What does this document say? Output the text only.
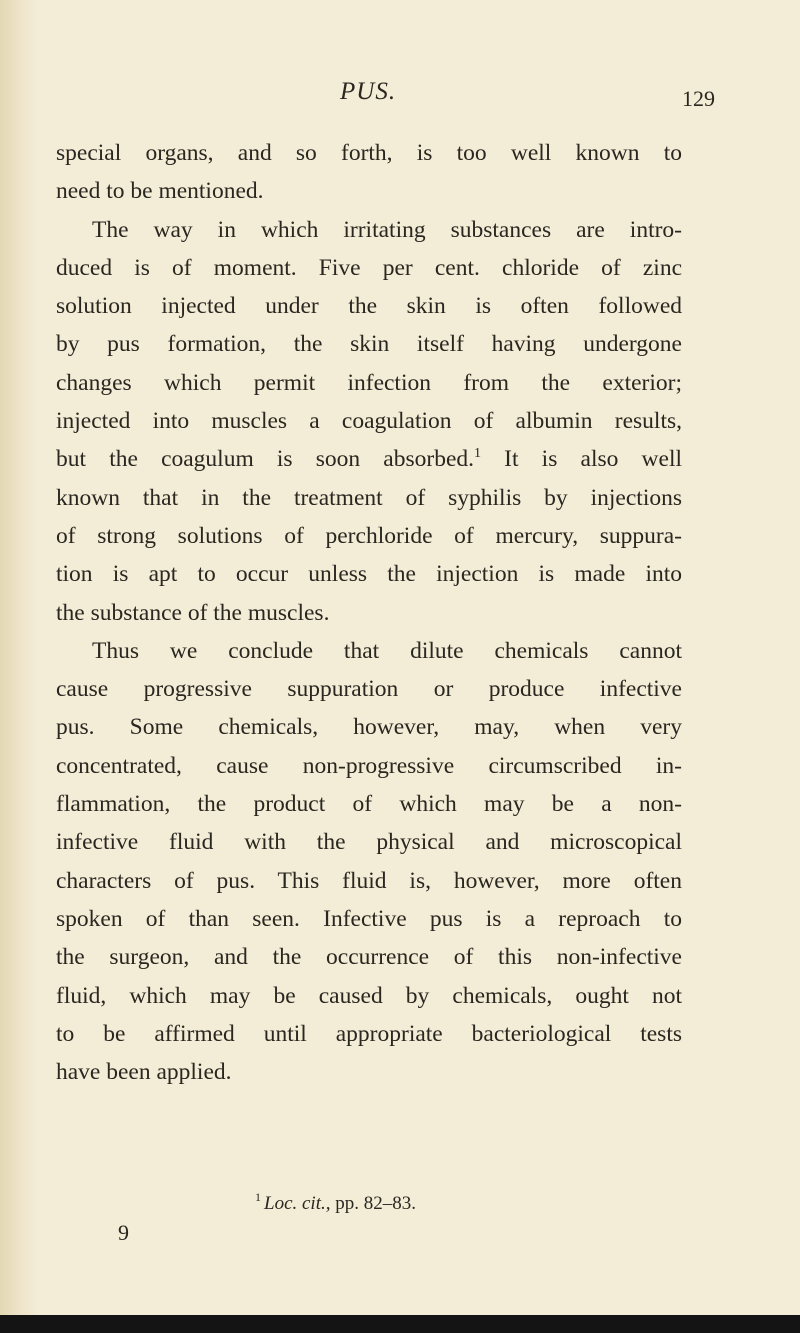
PUS.	129
special organs, and so forth, is too well known to
need to be mentioned.
The way in which irritating substances are intro-
duced is of moment. Five per cent. chloride of zinc
solution injected under the skin is often followed
by pus formation, the skin itself having undergone
changes which permit infection from the exterior;
injected into muscles a coagulation of albumin results,
but the coagulum is soon absorbed.$^1$ It is also well
known that in the treatment of syphilis by injections
of strong solutions of perchloride of mercury, suppura-
tion is apt to occur unless the injection is made into
the substance of the muscles.
Thus we conclude that dilute chemicals cannot
cause progressive suppuration or produce infective
pus. Some chemicals, however, may, when very
concentrated, cause non-progressive circumscribed in-
flammation, the product of which may be a non-
infective fluid with the physical and microscopical
characters of pus. This fluid is, however, more often
spoken of than seen. Infective pus is a reproach to
the surgeon, and the occurrence of this non-infective
fluid, which may be caused by chemicals, ought not
to be affirmed until appropriate bacteriological tests
have been applied.
$^1$ Loc. cit., pp. 82–83.
9
